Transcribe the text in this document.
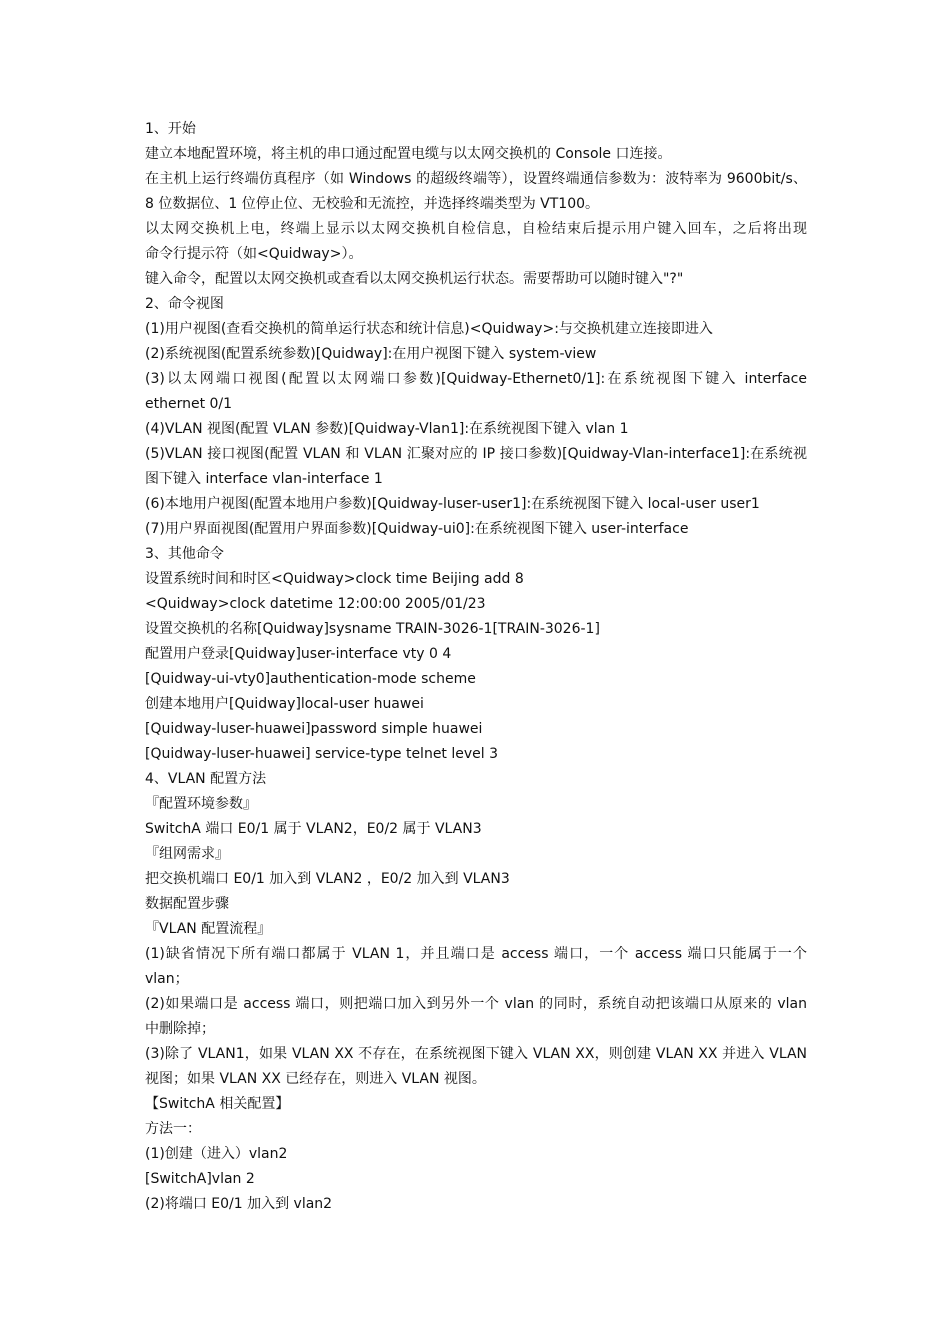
1、开始
建立本地配置环境，将主机的串口通过配置电缆与以太网交换机的 Console 口连接。
在主机上运行终端仿真程序（如 Windows 的超级终端等），设置终端通信参数为：波特率为 9600bit/s、
8 位数据位、1 位停止位、无校验和无流控，并选择终端类型为 VT100。
以太网交换机上电，终端上显示以太网交换机自检信息，自检结束后提示用户键入回车，之后将出现
命令行提示符（如<Quidway>）。
键入命令，配置以太网交换机或查看以太网交换机运行状态。需要帮助可以随时键入"?"
2、命令视图
(1)用户视图(查看交换机的简单运行状态和统计信息)<Quidway>:与交换机建立连接即进入
(2)系统视图(配置系统参数)[Quidway]:在用户视图下键入 system-view
(3)以太网端口视图(配置以太网端口参数)[Quidway-Ethernet0/1]:在系统视图下键入 interface
ethernet 0/1
(4)VLAN 视图(配置 VLAN 参数)[Quidway-Vlan1]:在系统视图下键入 vlan 1
(5)VLAN 接口视图(配置 VLAN 和 VLAN 汇聚对应的 IP 接口参数)[Quidway-Vlan-interface1]:在系统视
图下键入 interface vlan-interface 1
(6)本地用户视图(配置本地用户参数)[Quidway-luser-user1]:在系统视图下键入 local-user user1
(7)用户界面视图(配置用户界面参数)[Quidway-ui0]:在系统视图下键入 user-interface
3、其他命令
设置系统时间和时区<Quidway>clock time Beijing add 8
<Quidway>clock datetime 12:00:00 2005/01/23
设置交换机的名称[Quidway]sysname TRAIN-3026-1[TRAIN-3026-1]
配置用户登录[Quidway]user-interface vty 0 4
[Quidway-ui-vty0]authentication-mode scheme
创建本地用户[Quidway]local-user huawei
[Quidway-luser-huawei]password simple huawei
[Quidway-luser-huawei] service-type telnet level 3
4、VLAN 配置方法
『配置环境参数』
SwitchA 端口 E0/1 属于 VLAN2，E0/2 属于 VLAN3
『组网需求』
把交换机端口 E0/1 加入到 VLAN2 ，E0/2 加入到 VLAN3
数据配置步骤
『VLAN 配置流程』
(1)缺省情况下所有端口都属于 VLAN 1，并且端口是 access 端口，一个 access 端口只能属于一个
vlan；
(2)如果端口是 access 端口，则把端口加入到另外一个 vlan 的同时，系统自动把该端口从原来的 vlan
中删除掉；
(3)除了 VLAN1，如果 VLAN XX 不存在，在系统视图下键入 VLAN XX，则创建 VLAN XX 并进入 VLAN
视图；如果 VLAN XX 已经存在，则进入 VLAN 视图。
【SwitchA 相关配置】
方法一：
(1)创建（进入）vlan2
[SwitchA]vlan 2
(2)将端口 E0/1 加入到 vlan2
